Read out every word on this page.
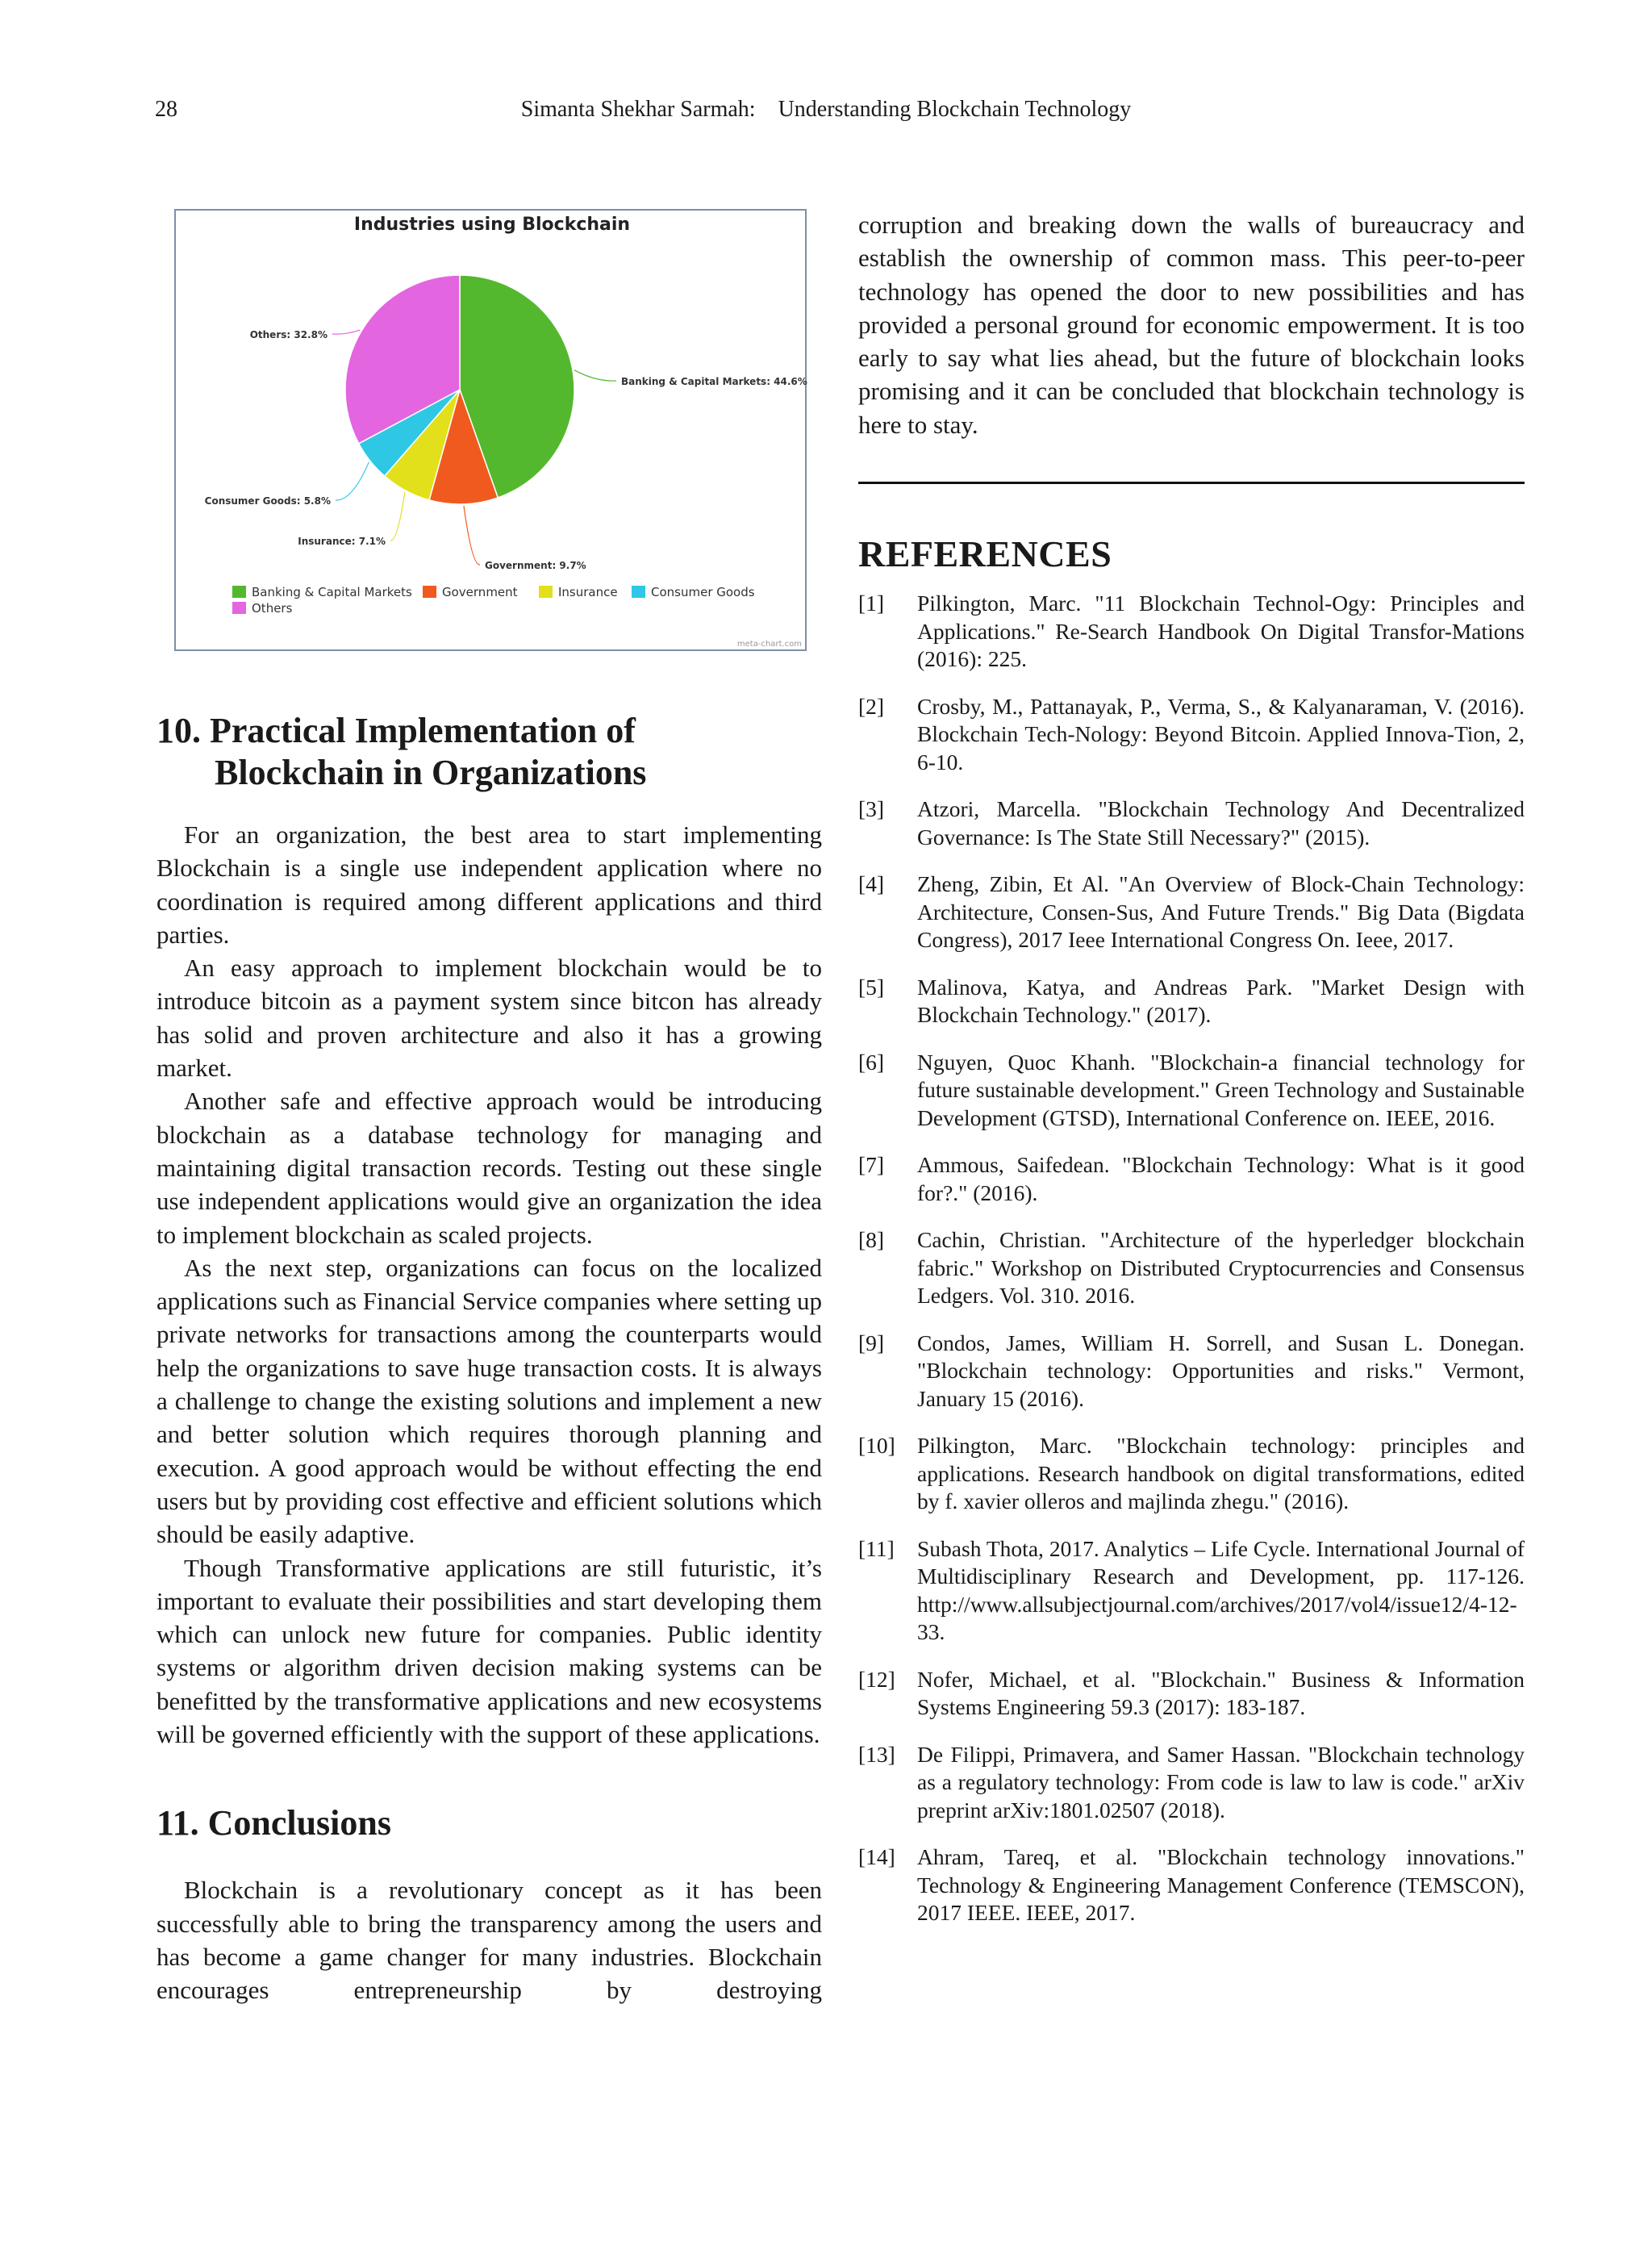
28	Simanta Shekhar Sarmah:    Understanding Blockchain Technology
Industries using Blockchain
Banking & Capital Markets: 44.6%
Government: 9.7%
Insurance: 7.1%
Consumer Goods: 5.8%
Others: 32.8%
Banking & Capital Markets Government	Insurance	Consumer Goods
Others
meta-chart.com
10. Practical Implementation of
Blockchain in Organizations

For an organization, the best area to start implementing Blockchain is a single use independent application where no coordination is required among different applications and third parties.

An easy approach to implement blockchain would be to introduce bitcoin as a payment system since bitcon has already has solid and proven architecture and also it has a growing market.

Another safe and effective approach would be introducing blockchain as a database technology for managing and maintaining digital transaction records. Testing out these single use independent applications would give an organization the idea to implement blockchain as scaled projects.

As the next step, organizations can focus on the localized applications such as Financial Service companies where setting up private networks for transactions among the counterparts would help the organizations to save huge transaction costs. It is always a challenge to change the existing solutions and implement a new and better solution which requires thorough planning and execution. A good approach would be without effecting the end users but by providing cost effective and efficient solutions which should be easily adaptive.

Though Transformative applications are still futuristic, it’s important to evaluate their possibilities and start developing them which can unlock new future for companies. Public identity systems or algorithm driven decision making systems can be benefitted by the transformative applications and new ecosystems will be governed efficiently with the support of these applications.

11. Conclusions

Blockchain is a revolutionary concept as it has been successfully able to bring the transparency among the users and has become a game changer for many industries. Blockchain encourages entrepreneurship by destroying

corruption and breaking down the walls of bureaucracy and establish the ownership of common mass. This peer-to-peer technology has opened the door to new possibilities and has provided a personal ground for economic empowerment. It is too early to say what lies ahead, but the future of blockchain looks promising and it can be concluded that blockchain technology is here to stay.

REFERENCES
[1] Pilkington, Marc. "11 Blockchain Technol-Ogy: Principles and Applications." Re-Search Handbook On Digital Transfor-Mations (2016): 225.
[2] Crosby, M., Pattanayak, P., Verma, S., & Kalyanaraman, V. (2016). Blockchain Tech-Nology: Beyond Bitcoin. Applied Innova-Tion, 2, 6-10.
[3] Atzori, Marcella. "Blockchain Technology And Decentralized Governance: Is The State Still Necessary?" (2015).
[4] Zheng, Zibin, Et Al. "An Overview of Block-Chain Technology: Architecture, Consen-Sus, And Future Trends." Big Data (Bigdata Congress), 2017 Ieee International Congress On. Ieee, 2017.
[5] Malinova, Katya, and Andreas Park. "Market Design with Blockchain Technology." (2017).
[6] Nguyen, Quoc Khanh. "Blockchain-a financial technology for future sustainable development." Green Technology and Sustainable Development (GTSD), International Conference on. IEEE, 2016.
[7] Ammous, Saifedean. "Blockchain Technology: What is it good for?." (2016).
[8] Cachin, Christian. "Architecture of the hyperledger blockchain fabric." Workshop on Distributed Cryptocurrencies and Consensus Ledgers. Vol. 310. 2016.
[9] Condos, James, William H. Sorrell, and Susan L. Donegan. "Blockchain technology: Opportunities and risks." Vermont, January 15 (2016).
[10] Pilkington, Marc. "Blockchain technology: principles and applications. Research handbook on digital transformations, edited by f. xavier olleros and majlinda zhegu." (2016).
[11] Subash Thota, 2017. Analytics – Life Cycle. International Journal of Multidisciplinary Research and Development, pp. 117-126. http://www.allsubjectjournal.com/archives/2017/vol4/issue12/4-12-33.
[12] Nofer, Michael, et al. "Blockchain." Business & Information Systems Engineering 59.3 (2017): 183-187.
[13] De Filippi, Primavera, and Samer Hassan. "Blockchain technology as a regulatory technology: From code is law to law is code." arXiv preprint arXiv:1801.02507 (2018).
[14] Ahram, Tareq, et al. "Blockchain technology innovations." Technology & Engineering Management Conference (TEMSCON), 2017 IEEE. IEEE, 2017.
